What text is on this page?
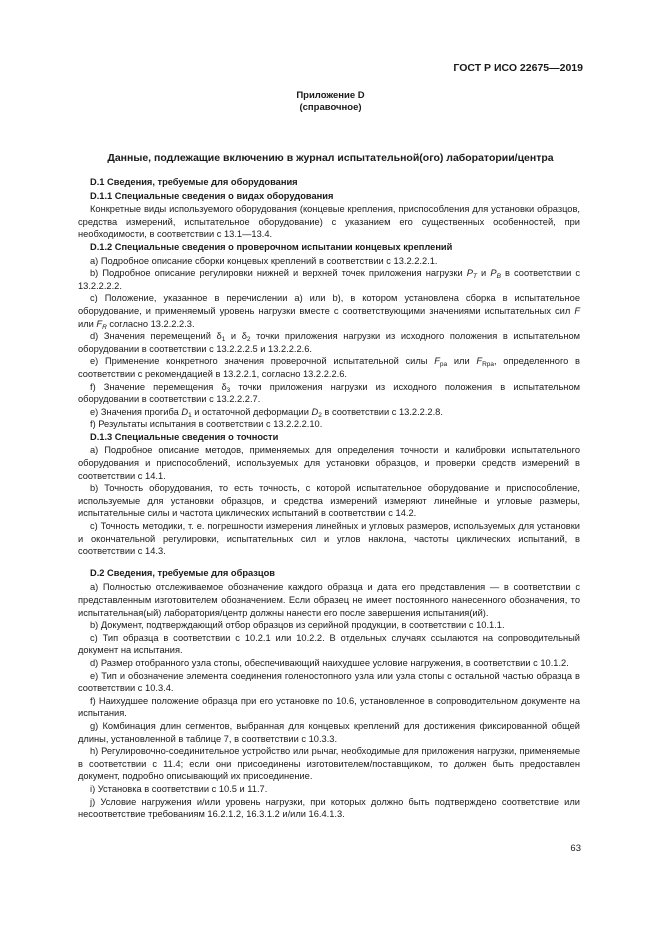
ГОСТ Р ИСО 22675—2019
Приложение D
(справочное)
Данные, подлежащие включению в журнал испытательной(ого) лаборатории/центра
D.1 Сведения, требуемые для оборудования
D.1.1 Специальные сведения о видах оборудования

Конкретные виды используемого оборудования (концевые крепления, приспособления для установки образцов, средства измерений, испытательное оборудование) с указанием его существенных особенностей, при необходимости, в соответствии с 13.1—13.4.

D.1.2 Специальные сведения о проверочном испытании концевых креплений

а) Подробное описание сборки концевых креплений в соответствии с 13.2.2.2.1.

b) Подробное описание регулировки нижней и верхней точек приложения нагрузки $P_T$ и $P_B$ в соответствии с 13.2.2.2.2.

с) Положение, указанное в перечислении а) или b), в котором установлена сборка в испытательное оборудование, и применяемый уровень нагрузки вместе с соответствующими значениями испытательных сил F или $F_R$ согласно 13.2.2.2.3.

d) Значения перемещений $\delta_1$ и $\delta_2$ точки приложения нагрузки из исходного положения в испытательном оборудовании в соответствии с 13.2.2.2.5 и 13.2.2.2.6.

е) Применение конкретного значения проверочной испытательной силы $F_{pa}$ или $F_{Rpa}$, определенного в соответствии с рекомендацией в 13.2.2.1, согласно 13.2.2.2.6.

f) Значение перемещения $\delta_3$ точки приложения нагрузки из исходного положения в испытательном оборудовании в соответствии с 13.2.2.2.7.

е) Значения прогиба $D_1$ и остаточной деформации $D_2$ в соответствии с 13.2.2.2.8.

f) Результаты испытания в соответствии с 13.2.2.2.10.

D.1.3 Специальные сведения о точности

а) Подробное описание методов, применяемых для определения точности и калибровки испытательного оборудования и приспособлений, используемых для установки образцов, и проверки средств измерений в соответствии с 14.1.

b) Точность оборудования, то есть точность, с которой испытательное оборудование и приспособление, используемые для установки образцов, и средства измерений измеряют линейные и угловые размеры, испытательные силы и частота циклических испытаний в соответствии с 14.2.

с) Точность методики, т. е. погрешности измерения линейных и угловых размеров, используемых для установки и окончательной регулировки, испытательных сил и углов наклона, частоты циклических испытаний, в соответствии с 14.3.

D.2 Сведения, требуемые для образцов

а) Полностью отслеживаемое обозначение каждого образца и дата его представления — в соответствии с представленным изготовителем обозначением. Если образец не имеет постоянного нанесенного обозначения, то испытательная(ый) лаборатория/центр должны нанести его после завершения испытания(ий).

b) Документ, подтверждающий отбор образцов из серийной продукции, в соответствии с 10.1.1.

с) Тип образца в соответствии с 10.2.1 или 10.2.2. В отдельных случаях ссылаются на сопроводительный документ на испытания.

d) Размер отобранного узла стопы, обеспечивающий наихудшее условие нагружения, в соответствии с 10.1.2.

е) Тип и обозначение элемента соединения голеностопного узла или узла стопы с остальной частью образца в соответствии с 10.3.4.

f) Наихудшее положение образца при его установке по 10.6, установленное в сопроводительном документе на испытания.

g) Комбинация длин сегментов, выбранная для концевых креплений для достижения фиксированной общей длины, установленной в таблице 7, в соответствии с 10.3.3.

h) Регулировочно-соединительное устройство или рычаг, необходимые для приложения нагрузки, применяемые в соответствии с 11.4; если они присоединены изготовителем/поставщиком, то должен быть предоставлен документ, подробно описывающий их присоединение.

i) Установка в соответствии с 10.5 и 11.7.

j) Условие нагружения и/или уровень нагрузки, при которых должно быть подтверждено соответствие или несоответствие требованиям 16.2.1.2, 16.3.1.2 и/или 16.4.1.3.

63
